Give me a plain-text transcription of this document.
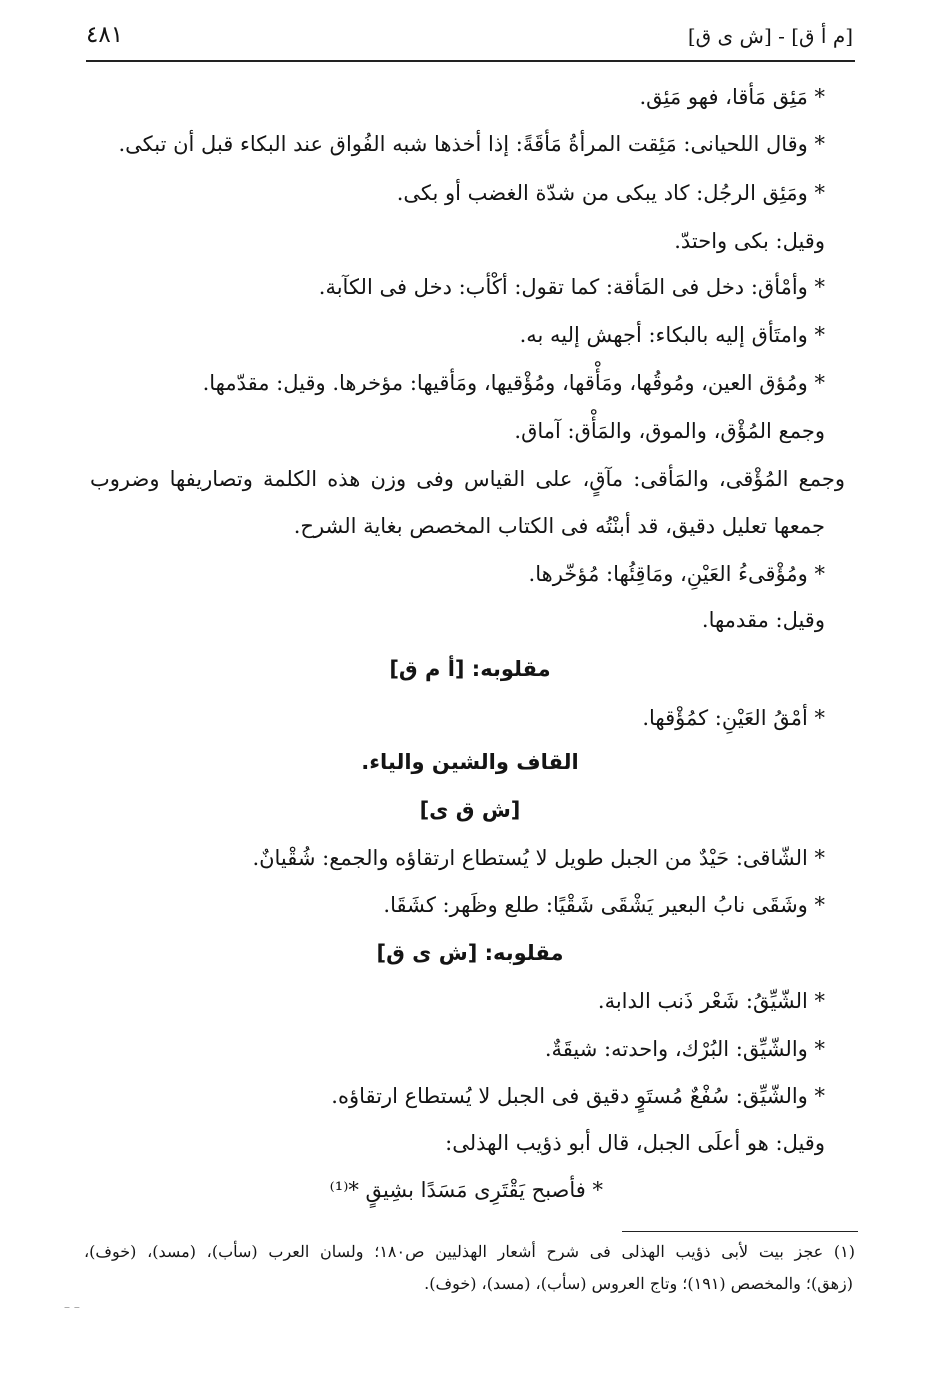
٤٨١	[م أ ق] - [ش ى ق]
* مَئِق مَأقا، فهو مَئِق.
* وقال اللحيانى: مَئِقت المرأةُ مَأقَةً: إذا أخذها شبه الفُواق عند البكاء قبل أن تبكى.
* ومَئِق الرجُل: كاد يبكى من شدّة الغضب أو بكى.
وقيل: بكى واحتدّ.
* وأمْأق: دخل فى المَأقة: كما تقول: أكْأب: دخل فى الكآبة.
* وامتَأق إليه بالبكاء: أجهش إليه به.
* ومُؤق العين، ومُوقُها، ومَأْقها، ومُؤْقيها، ومَأقيها: مؤخرها. وقيل: مقدّمها.
وجمع المُؤْق، والموق، والمَأْق: آماق.
وجمع المُؤْقى، والمَأقى: مآقٍ، على القياس وفى وزن هذه الكلمة وتصاريفها وضروب
جمعها تعليل دقيق، قد أبنْتُه فى الكتاب المخصص بغاية الشرح.
* ومُؤْقىءُ العَيْنِ، ومَاقِئُها: مُؤخّرها.
وقيل: مقدمها.
مقلوبه: [أ م ق]
* أمْقُ العَيْنِ: كمُؤْقها.
القاف والشين والياء.
[ش ق ى]
* الشّاقى: حَيْدٌ من الجبل طويل لا يُستطاع ارتقاؤه والجمع: شُقْيانٌ.
* وشَقَى نابُ البعير يَشْقَى شَقْيًا: طلع وظَهر: كشَقَا.
مقلوبه: [ش ى ق]
* الشّيِّقُ: شَعْر ذَنب الدابة.
* والشّيِّق: البُرْك، واحدته: شيقَةٌ.
* والشّيِّق: سُفْعٌ مُستَوٍ دقيق فى الجبل لا يُستطاع ارتقاؤه.
وقيل: هو أعلَى الجبل، قال أبو ذؤيب الهذلى:
* فأصبح يَقْتَرِى مَسَدًا بشِيقٍ *⁽¹⁾
(١) عجز بيت لأبى ذؤيب الهذلى فى شرح أشعار الهذليين ص١٨٠؛ ولسان العرب (سأب)، (مسد)، (خوف)،
(زهق)؛ والمخصص (١٩١)؛ وتاج العروس (سأب)، (مسد)، (خوف).
– –
